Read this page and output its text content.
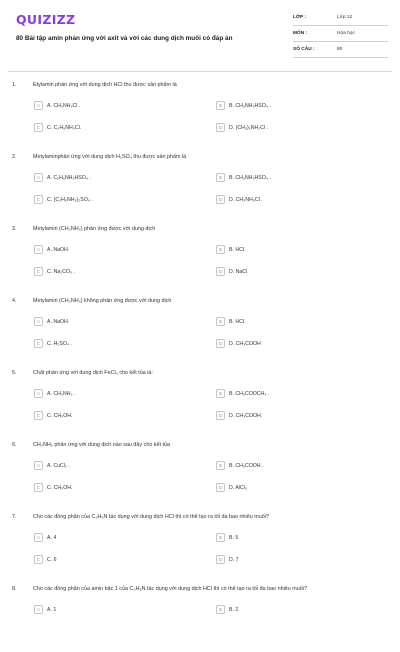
QUIZIZZ
80 Bài tập amin phản ứng với axit và với các dung dịch muối có đáp án
LỚP :	Lớp 12
MÔN :	Hóa học
SỐ CÂU :	80
1.	Etylamin phản ứng với dung dịch HCl thu được sản phẩm là
A	A. CH₃NH₃Cl .	B	B. CH₃NH₃HSO₄ .
C	C. C₂H₅NH₃Cl.	D	D. (CH₃)₂NH₂Cl .
2.	Metylaminphản ứng với dung dịch H₂SO₄ thu được sản phẩm là
A	A. C₂H₅NH₃HSO₄ .	B	B. CH₃NH₃HSO₄ .
C	C. (C₂H₅NH₃)₂SO₄ .	D	D. CH₃NH₃Cl .
3.	Metylamin (CH₃NH₂) phản ứng được với dung dịch
A	A. NaOH.	B	B. HCl.
C	C. Na₂CO₃ .	D	D. NaCl
4.	Metylamin (CH₃NH₂) không phản ứng được với dung dịch
A	A. NaOH.	B	B. HCl.
C	C. H₂SO₄ .	D	D. CH₃COOH
5.	Chất phản ứng với dung dịch FeCl₃ cho kết tủa là:
A	A. CH₃NH₂ .	B	B. CH₃COOCH₃ .
C	C. CH₃OH.	D	D. CH₃COOH.
6.	CH₃NH₂ phản ứng với dung dịch nào sau đây cho kết tủa
A	A. CuCl₂ .	B	B. CH₃COOH .
C	C. CH₃OH.	D	D. AlCl₃
7.	Cho các đồng phân của C₃H₉N tác dụng với dung dịch HCl thì có thể tạo ra tối đa bao nhiêu muối?
A	A. 4	B	B. 5
C	C. 6	D	D. 7
8.	Cho các đồng phân của amin bậc 1 của C₃H₉N tác dụng với dung dịch HCl thì có thể tạo ra tối đa bao nhiêu muối?
A	A. 1	B	B. 2
